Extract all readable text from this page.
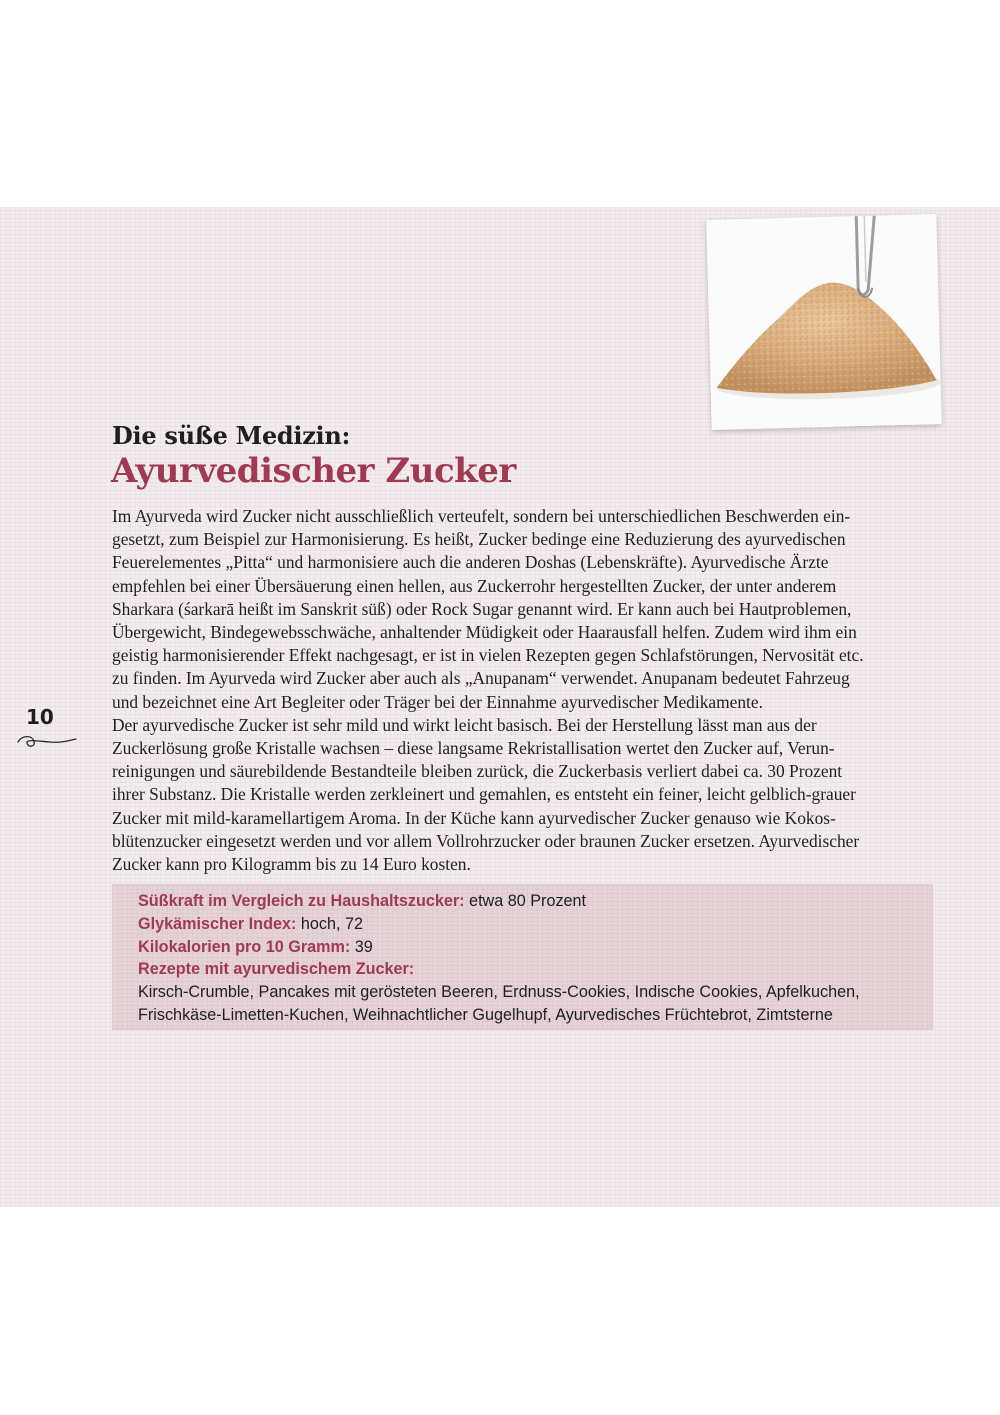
Die süße Medizin:
Ayurvedischer Zucker

Im Ayurveda wird Zucker nicht ausschließlich verteufelt, sondern bei unterschiedlichen Beschwerden ein-

gesetzt, zum Beispiel zur Harmonisierung. Es heißt, Zucker bedinge eine Reduzierung des ayurvedischen

Feuerelementes „Pitta“ und harmonisiere auch die anderen Doshas (Lebenskräfte). Ayurvedische Ärzte

empfehlen bei einer Übersäuerung einen hellen, aus Zuckerrohr hergestellten Zucker, der unter anderem

Sharkara (śarkarā heißt im Sanskrit süß) oder Rock Sugar genannt wird. Er kann auch bei Hautproblemen,

Übergewicht, Bindegewebsschwäche, anhaltender Müdigkeit oder Haarausfall helfen. Zudem wird ihm ein

geistig harmonisierender Effekt nachgesagt, er ist in vielen Rezepten gegen Schlafstörungen, Nervosität etc.

zu finden. Im Ayurveda wird Zucker aber auch als „Anupanam“ verwendet. Anupanam bedeutet Fahrzeug

und bezeichnet eine Art Begleiter oder Träger bei der Einnahme ayurvedischer Medikamente.

Der ayurvedische Zucker ist sehr mild und wirkt leicht basisch. Bei der Herstellung lässt man aus der

Zuckerlösung große Kristalle wachsen – diese langsame Rekristallisation wertet den Zucker auf, Verun-

reinigungen und säurebildende Bestandteile bleiben zurück, die Zuckerbasis verliert dabei ca. 30 Prozent

ihrer Substanz. Die Kristalle werden zerkleinert und gemahlen, es entsteht ein feiner, leicht gelblich-grauer

Zucker mit mild-karamellartigem Aroma. In der Küche kann ayurvedischer Zucker genauso wie Kokos-

blütenzucker eingesetzt werden und vor allem Vollrohrzucker oder braunen Zucker ersetzen. Ayurvedischer

Zucker kann pro Kilogramm bis zu 14 Euro kosten.

10
Süßkraft im Vergleich zu Haushaltszucker: etwa 80 Prozent
Glykämischer Index: hoch, 72
Kilokalorien pro 10 Gramm: 39
Rezepte mit ayurvedischem Zucker:
Kirsch-Crumble, Pancakes mit gerösteten Beeren, Erdnuss-Cookies, Indische Cookies, Apfelkuchen,
Frischkäse-Limetten-Kuchen, Weihnachtlicher Gugelhupf, Ayurvedisches Früchtebrot, Zimtsterne
